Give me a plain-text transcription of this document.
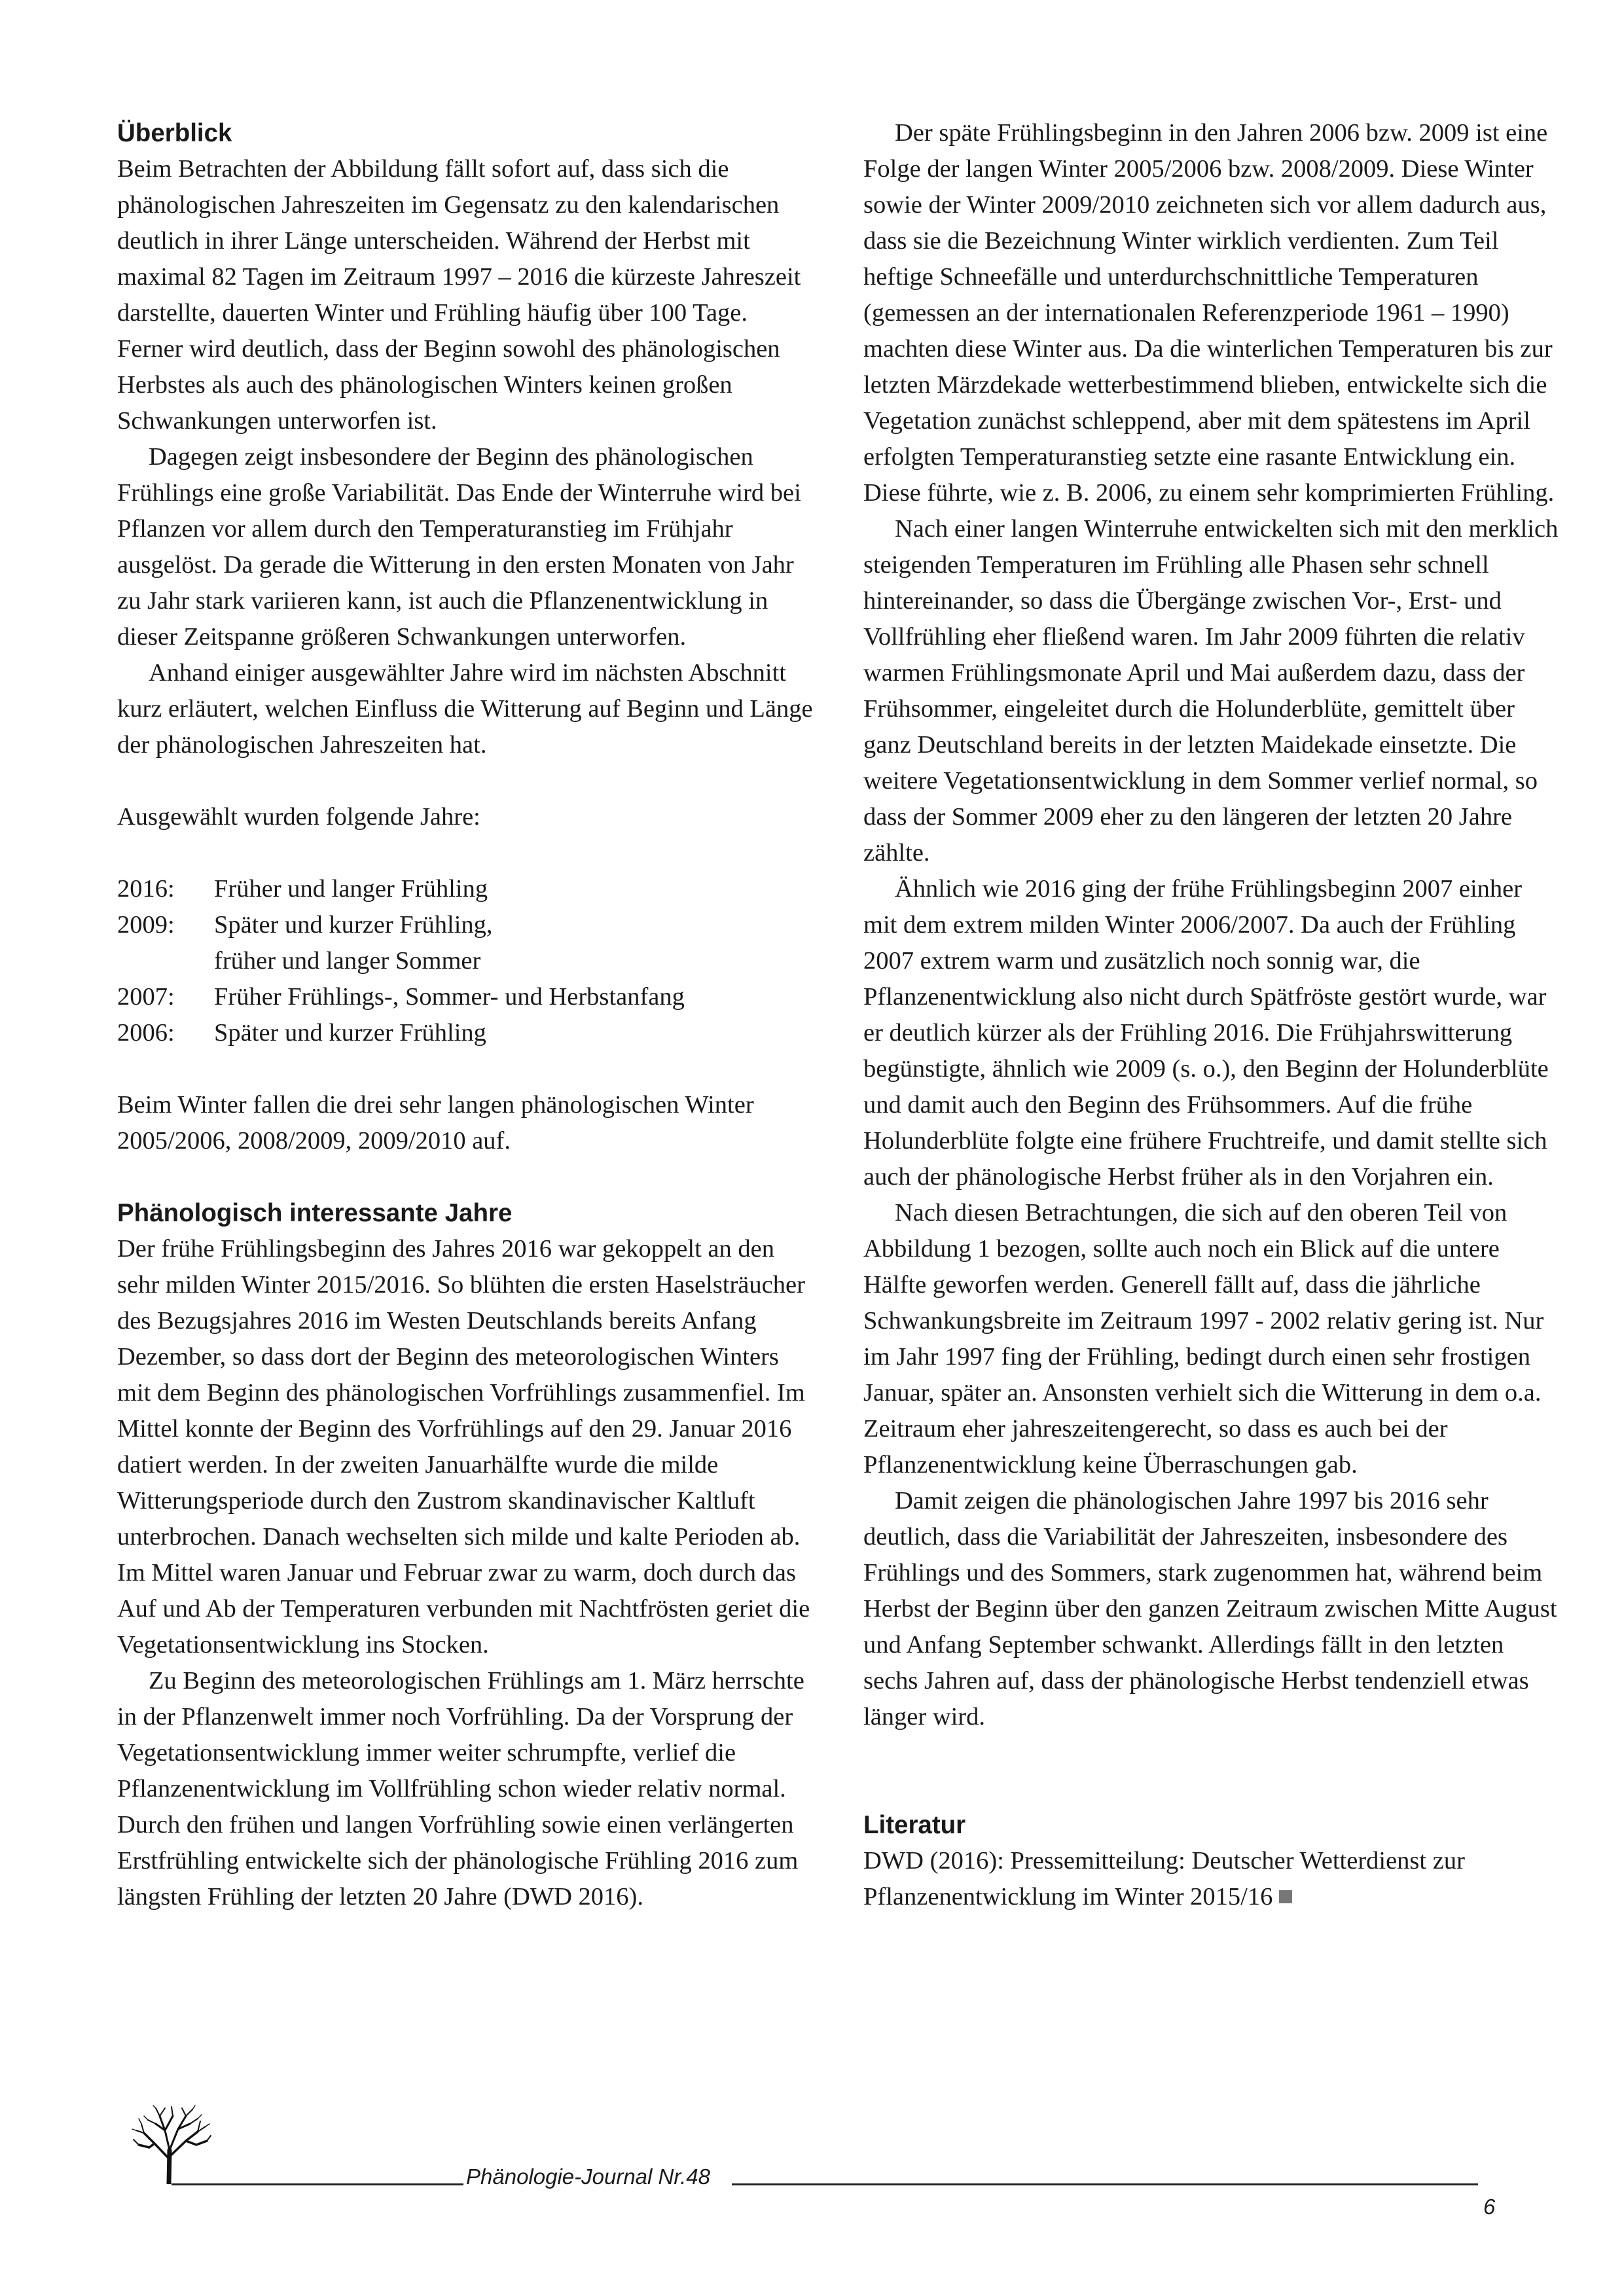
Überblick

Beim Betrachten der Abbildung fällt sofort auf, dass sich die phänologischen Jahreszeiten im Gegensatz zu den kalendarischen deutlich in ihrer Länge unterscheiden. Während der Herbst mit maximal 82 Tagen im Zeitraum 1997 – 2016 die kürzeste Jahreszeit darstellte, dauerten Winter und Frühling häufig über 100 Tage. Ferner wird deutlich, dass der Beginn sowohl des phänologischen Herbstes als auch des phänologischen Winters keinen großen Schwankungen unterworfen ist.

Dagegen zeigt insbesondere der Beginn des phänologischen Frühlings eine große Variabilität. Das Ende der Winterruhe wird bei Pflanzen vor allem durch den Temperaturanstieg im Frühjahr ausgelöst. Da gerade die Witterung in den ersten Monaten von Jahr zu Jahr stark variieren kann, ist auch die Pflanzenentwicklung in dieser Zeitspanne größeren Schwankungen unterworfen.

Anhand einiger ausgewählter Jahre wird im nächsten Abschnitt kurz erläutert, welchen Einfluss die Witterung auf Beginn und Länge der phänologischen Jahreszeiten hat.

Ausgewählt wurden folgende Jahre:

2016:	Früher und langer Frühling
2009:	Später und kurzer Frühling,
früher und langer Sommer
2007:	Früher Frühlings-, Sommer- und Herbstanfang
2006:	Später und kurzer Frühling

Beim Winter fallen die drei sehr langen phänologischen Winter 2005/2006, 2008/2009, 2009/2010 auf.

Phänologisch interessante Jahre

Der frühe Frühlingsbeginn des Jahres 2016 war gekoppelt an den sehr milden Winter 2015/2016. So blühten die ersten Haselsträucher des Bezugsjahres 2016 im Westen Deutschlands bereits Anfang Dezember, so dass dort der Beginn des meteorologischen Winters mit dem Beginn des phänologischen Vorfrühlings zusammenfiel. Im Mittel konnte der Beginn des Vorfrühlings auf den 29. Januar 2016 datiert werden. In der zweiten Januarhälfte wurde die milde Witterungsperiode durch den Zustrom skandinavischer Kaltluft unterbrochen. Danach wechselten sich milde und kalte Perioden ab. Im Mittel waren Januar und Februar zwar zu warm, doch durch das Auf und Ab der Temperaturen verbunden mit Nachtfrösten geriet die Vegetationsentwicklung ins Stocken.

Zu Beginn des meteorologischen Frühlings am 1. März herrschte in der Pflanzenwelt immer noch Vorfrühling. Da der Vorsprung der Vegetationsentwicklung immer weiter schrumpfte, verlief die Pflanzenentwicklung im Vollfrühling schon wieder relativ normal. Durch den frühen und langen Vorfrühling sowie einen verlängerten Erstfrühling entwickelte sich der phänologische Frühling 2016 zum längsten Frühling der letzten 20 Jahre (DWD 2016).

Der späte Frühlingsbeginn in den Jahren 2006 bzw. 2009 ist eine Folge der langen Winter 2005/2006 bzw. 2008/2009. Diese Winter sowie der Winter 2009/2010 zeichneten sich vor allem dadurch aus, dass sie die Bezeichnung Winter wirklich verdienten. Zum Teil heftige Schneefälle und unterdurchschnittliche Temperaturen (gemessen an der internationalen Referenzperiode 1961 – 1990) machten diese Winter aus. Da die winterlichen Temperaturen bis zur letzten Märzdekade wetterbestimmend blieben, entwickelte sich die Vegetation zunächst schleppend, aber mit dem spätestens im April erfolgten Temperaturanstieg setzte eine rasante Entwicklung ein. Diese führte, wie z. B. 2006, zu einem sehr komprimierten Frühling.

Nach einer langen Winterruhe entwickelten sich mit den merklich steigenden Temperaturen im Frühling alle Phasen sehr schnell hintereinander, so dass die Übergänge zwischen Vor-, Erst- und Vollfrühling eher fließend waren. Im Jahr 2009 führten die relativ warmen Frühlingsmonate April und Mai außerdem dazu, dass der Frühsommer, eingeleitet durch die Holunderblüte, gemittelt über ganz Deutschland bereits in der letzten Maidekade einsetzte. Die weitere Vegetationsentwicklung in dem Sommer verlief normal, so dass der Sommer 2009 eher zu den längeren der letzten 20 Jahre zählte.

Ähnlich wie 2016 ging der frühe Frühlingsbeginn 2007 einher mit dem extrem milden Winter 2006/2007. Da auch der Frühling 2007 extrem warm und zusätzlich noch sonnig war, die Pflanzenentwicklung also nicht durch Spätfröste gestört wurde, war er deutlich kürzer als der Frühling 2016. Die Frühjahrswitterung begünstigte, ähnlich wie 2009 (s. o.), den Beginn der Holunderblüte und damit auch den Beginn des Frühsommers. Auf die frühe Holunderblüte folgte eine frühere Fruchtreife, und damit stellte sich auch der phänologische Herbst früher als in den Vorjahren ein.

Nach diesen Betrachtungen, die sich auf den oberen Teil von Abbildung 1 bezogen, sollte auch noch ein Blick auf die untere Hälfte geworfen werden. Generell fällt auf, dass die jährliche Schwankungsbreite im Zeitraum 1997 - 2002 relativ gering ist. Nur im Jahr 1997 fing der Frühling, bedingt durch einen sehr frostigen Januar, später an. Ansonsten verhielt sich die Witterung in dem o.a. Zeitraum eher jahreszeitengerecht, so dass es auch bei der Pflanzenentwicklung keine Überraschungen gab.

Damit zeigen die phänologischen Jahre 1997 bis 2016 sehr deutlich, dass die Variabilität der Jahreszeiten, insbesondere des Frühlings und des Sommers, stark zugenommen hat, während beim Herbst der Beginn über den ganzen Zeitraum zwischen Mitte August und Anfang September schwankt. Allerdings fällt in den letzten sechs Jahren auf, dass der phänologische Herbst tendenziell etwas länger wird.

Literatur

DWD (2016): Pressemitteilung: Deutscher Wetterdienst zur Pflanzenentwicklung im Winter 2015/16

Phänologie-Journal Nr.48
6
